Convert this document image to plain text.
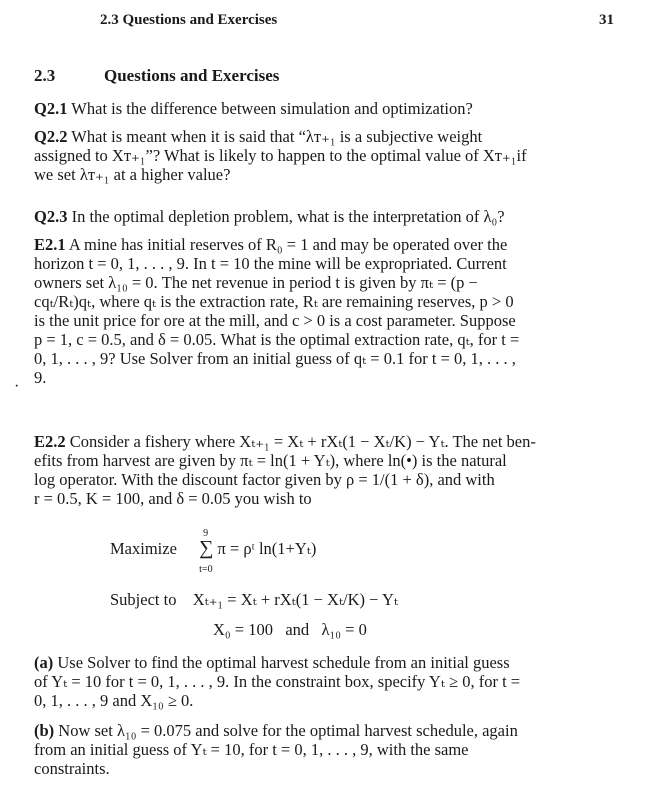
2.3 Questions and Exercises	31
2.3	Questions and Exercises
Q2.1 What is the difference between simulation and optimization?
Q2.2 What is meant when it is said that “λᴛ₊₁ is a subjective weight
assigned to Xᴛ₊₁”? What is likely to happen to the optimal value of Xᴛ₊₁if
we set λᴛ₊₁ at a higher value?
Q2.3 In the optimal depletion problem, what is the interpretation of λ₀?
E2.1 A mine has initial reserves of R₀ = 1 and may be operated over the
horizon t = 0, 1, . . . , 9. In t = 10 the mine will be expropriated. Current
owners set λ₁₀ = 0. The net revenue in period t is given by πₜ = (p −
cqₜ/Rₜ)qₜ, where qₜ is the extraction rate, Rₜ are remaining reserves, p > 0
is the unit price for ore at the mill, and c > 0 is a cost parameter. Suppose
p = 1, c = 0.5, and δ = 0.05. What is the optimal extraction rate, qₜ, for t =
0, 1, . . . , 9? Use Solver from an initial guess of qₜ = 0.1 for t = 0, 1, . . . ,
9.
·
E2.2 Consider a fishery where Xₜ₊₁ = Xₜ + rXₜ(1 − Xₜ/K) − Yₜ. The net ben-
efits from harvest are given by πₜ = ln(1 + Yₜ), where ln(•) is the natural
log operator. With the discount factor given by ρ = 1/(1 + δ), and with
r = 0.5, K = 100, and δ = 0.05 you wish to
Maximize
9
∑
t=0
π = ρᵗ ln(1+Yₜ)
Subject to Xₜ₊₁ = Xₜ + rXₜ(1 − Xₜ/K) − Yₜ
X₀ = 100   and   λ₁₀ = 0
(a) Use Solver to find the optimal harvest schedule from an initial guess
of Yₜ = 10 for t = 0, 1, . . . , 9. In the constraint box, specify Yₜ ≥ 0, for t =
0, 1, . . . , 9 and X₁₀ ≥ 0.
(b) Now set λ₁₀ = 0.075 and solve for the optimal harvest schedule, again
from an initial guess of Yₜ = 10, for t = 0, 1, . . . , 9, with the same
constraints.
